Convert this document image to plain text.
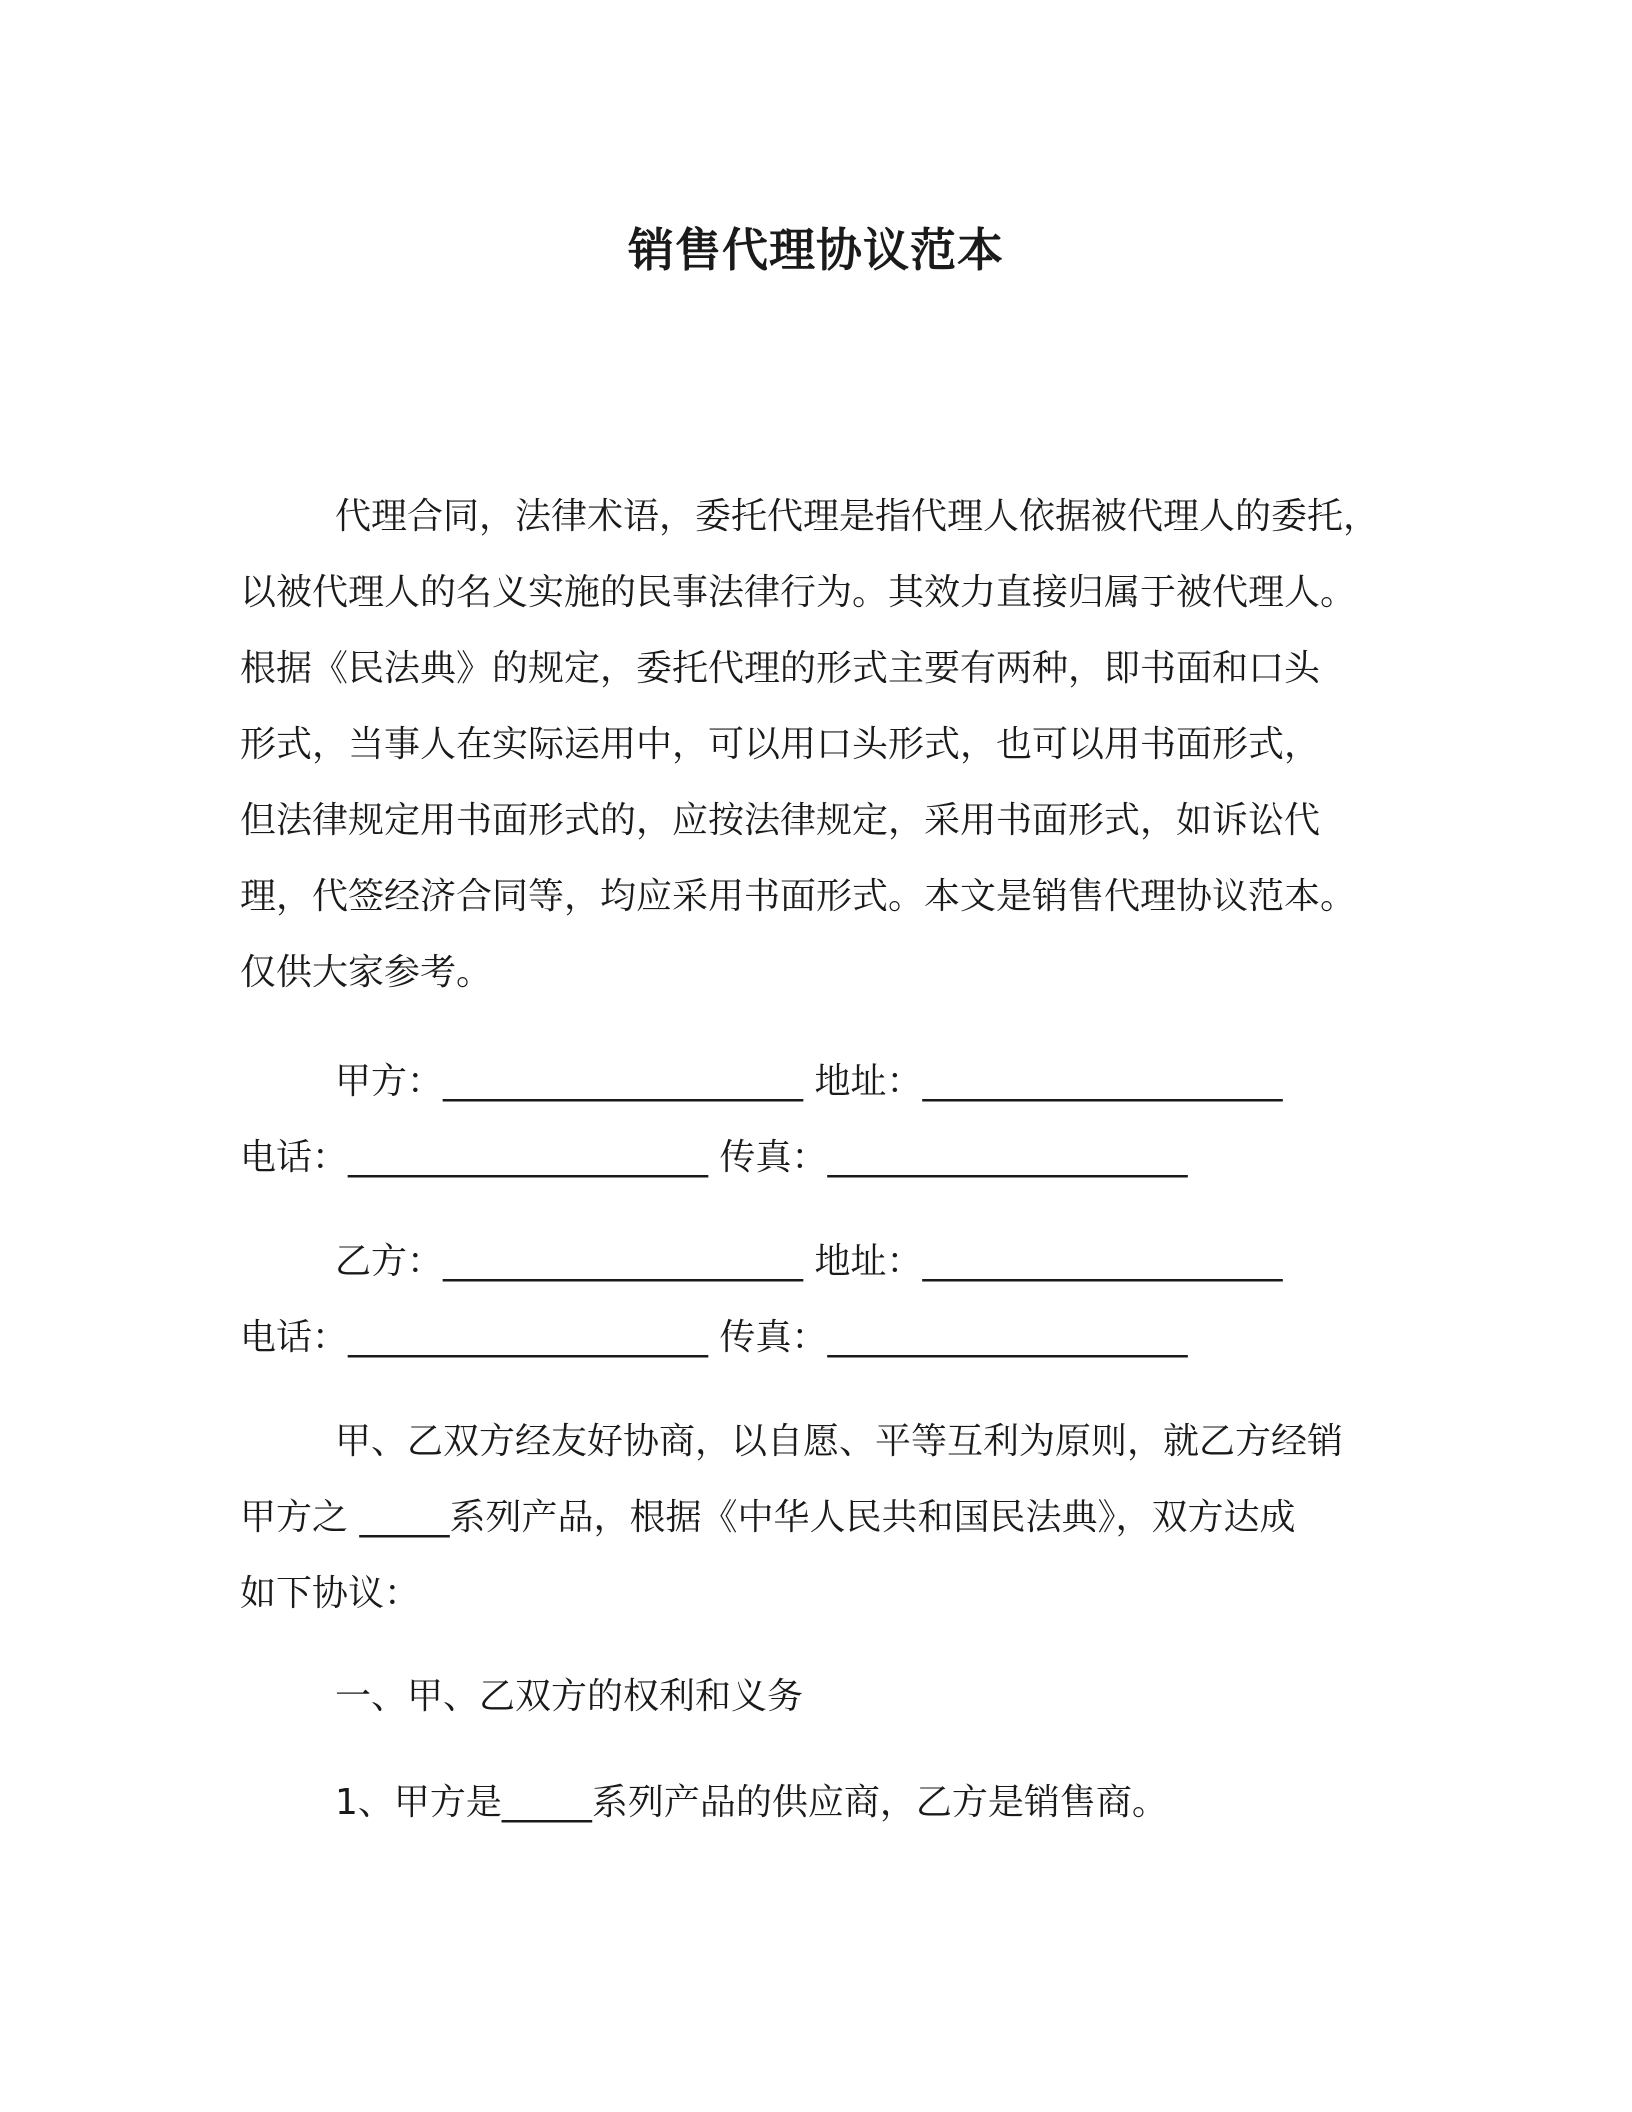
销售代理协议范本
代理合同，法律术语，委托代理是指代理人依据被代理人的委托，
以被代理人的名义实施的民事法律行为。其效力直接归属于被代理人。
根据《民法典》的规定，委托代理的形式主要有两种，即书面和口头
形式，当事人在实际运用中，可以用口头形式，也可以用书面形式，
但法律规定用书面形式的，应按法律规定，采用书面形式，如诉讼代
理，代签经济合同等，均应采用书面形式。本文是销售代理协议范本。
仅供大家参考。
甲方：____________________ 地址：____________________
电话：____________________ 传真：____________________
乙方：____________________ 地址：____________________
电话：____________________ 传真：____________________
甲、乙双方经友好协商，以自愿、平等互利为原则，就乙方经销
甲方之 _____系列产品，根据《中华人民共和国民法典》，双方达成
如下协议：
一、甲、乙双方的权利和义务
1、甲方是_____系列产品的供应商，乙方是销售商。
